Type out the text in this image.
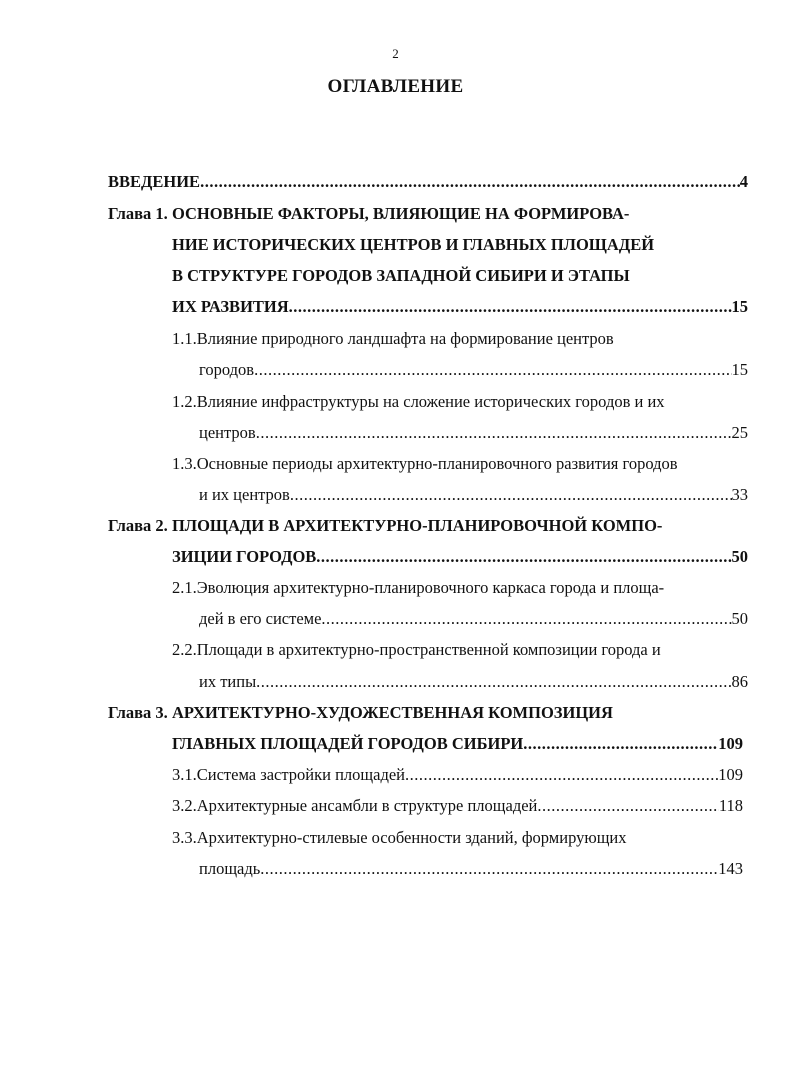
2
ОГЛАВЛЕНИЕ
ВВЕДЕНИЕ .....	4
Глава 1.
ОСНОВНЫЕ ФАКТОРЫ, ВЛИЯЮЩИЕ НА ФОРМИРОВА-
НИЕ ИСТОРИЧЕСКИХ ЦЕНТРОВ И ГЛАВНЫХ ПЛОЩАДЕЙ
В СТРУКТУРЕ ГОРОДОВ ЗАПАДНОЙ СИБИРИ И ЭТАПЫ
ИХ РАЗВИТИЯ .....	15
1.1.Влияние природного ландшафта на формирование центров
городов .....	15
1.2.Влияние инфраструктуры на сложение исторических городов и их
центров .....	25
1.3.Основные периоды архитектурно-планировочного развития городов
и их центров .....	33
Глава 2.
ПЛОЩАДИ В АРХИТЕКТУРНО-ПЛАНИРОВОЧНОЙ КОМПО-
ЗИЦИИ ГОРОДОВ .....	50
2.1.Эволюция архитектурно-планировочного каркаса города и площа-
дей в его системе .....	50
2.2.Площади в архитектурно-пространственной композиции города и
их типы .....	86
Глава 3.
АРХИТЕКТУРНО-ХУДОЖЕСТВЕННАЯ КОМПОЗИЦИЯ
ГЛАВНЫХ ПЛОЩАДЕЙ ГОРОДОВ СИБИРИ .....	109
3.1.Система застройки площадей .....	109
3.2.Архитектурные ансамбли в структуре площадей .....	118
3.3.Архитектурно-стилевые особенности зданий, формирующих
площадь .....	143
